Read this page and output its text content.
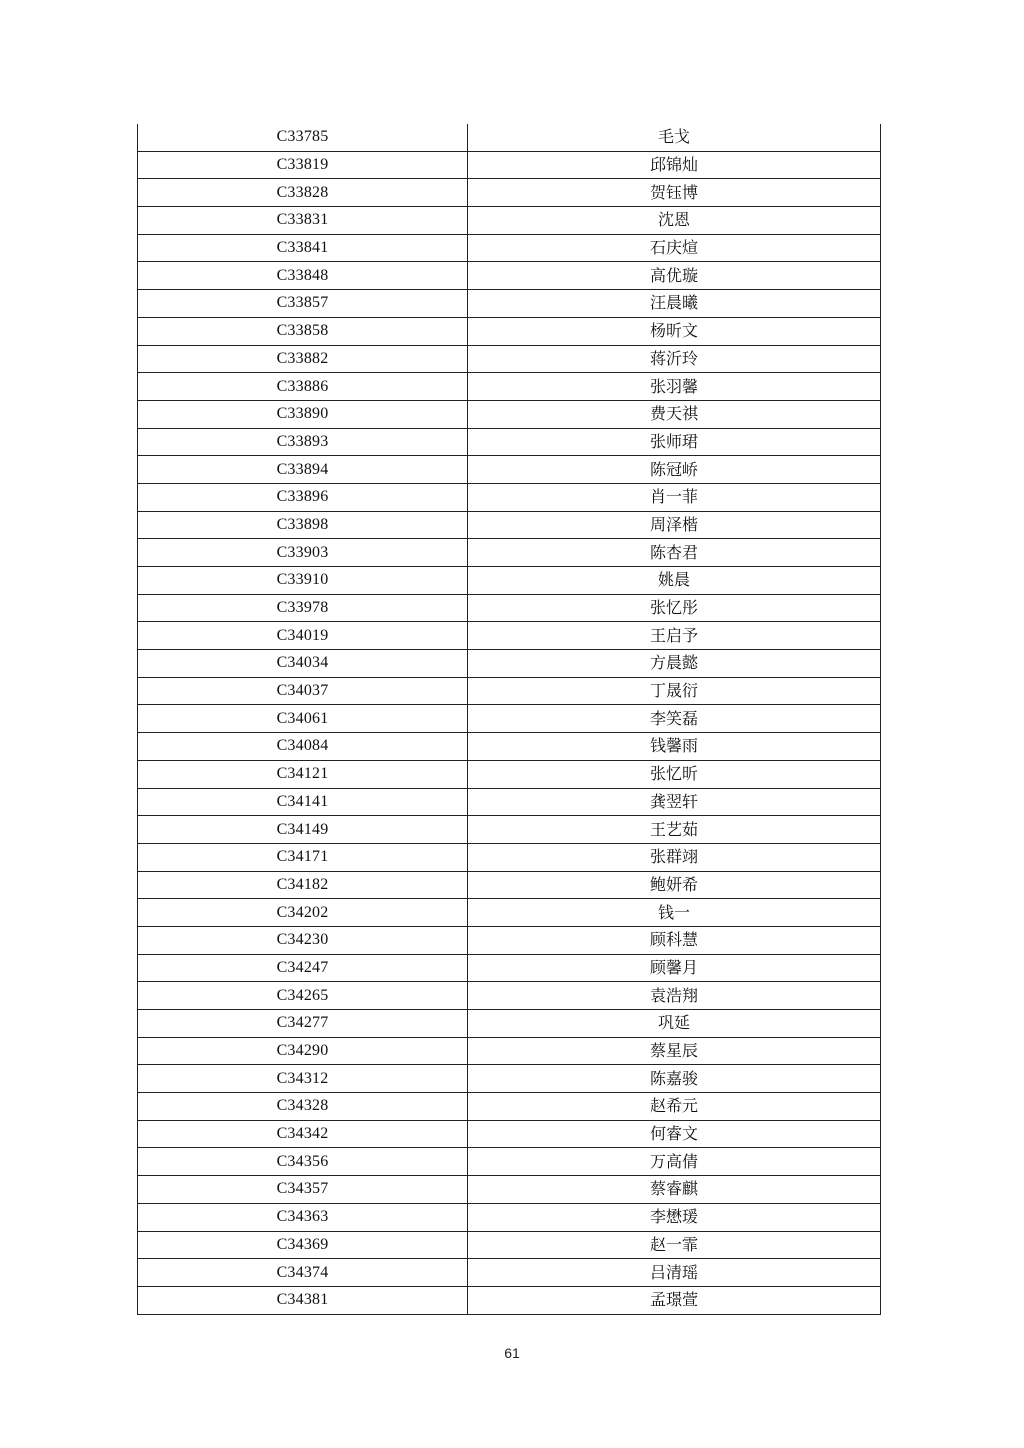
C33785	毛戈
C33819	邱锦灿
C33828	贺钰博
C33831	沈恩
C33841	石庆煊
C33848	高优璇
C33857	汪晨曦
C33858	杨昕文
C33882	蒋沂玲
C33886	张羽馨
C33890	费天祺
C33893	张师珺
C33894	陈冠峤
C33896	肖一菲
C33898	周泽楷
C33903	陈杏君
C33910	姚晨
C33978	张忆彤
C34019	王启予
C34034	方晨懿
C34037	丁晟衍
C34061	李笑磊
C34084	钱馨雨
C34121	张忆昕
C34141	龚翌轩
C34149	王艺茹
C34171	张群翊
C34182	鲍妍希
C34202	钱一
C34230	顾科慧
C34247	顾馨月
C34265	袁浩翔
C34277	巩延
C34290	蔡星辰
C34312	陈嘉骏
C34328	赵希元
C34342	何睿文
C34356	万高倩
C34357	蔡睿麒
C34363	李懋瑗
C34369	赵一霏
C34374	吕清瑶
C34381	孟璟萱
61
